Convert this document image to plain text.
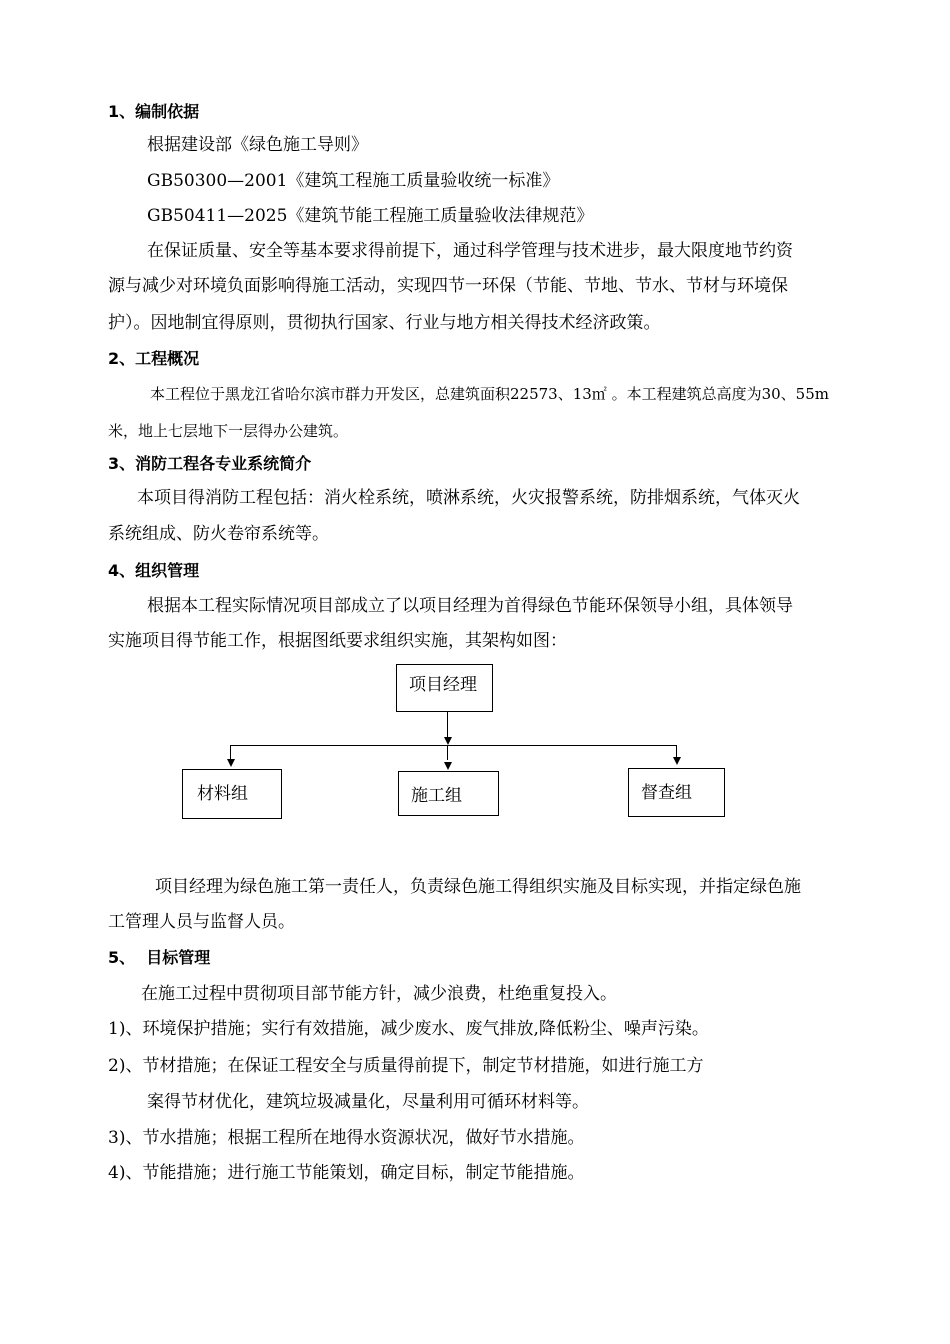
1、编制依据
根据建设部《绿色施工导则》
GB50300—2001《建筑工程施工质量验收统一标准》
GB50411—2025《建筑节能工程施工质量验收法律规范》
在保证质量、安全等基本要求得前提下，通过科学管理与技术进步，最大限度地节约资
源与减少对环境负面影响得施工活动，实现四节一环保（节能、节地、节水、节材与环境保
护）。因地制宜得原则，贯彻执行国家、行业与地方相关得技术经济政策。
2、工程概况
本工程位于黑龙江省哈尔滨市群力开发区，总建筑面积22573、13㎡ 。本工程建筑总高度为30、55m
米，地上七层地下一层得办公建筑。
3、消防工程各专业系统简介
本项目得消防工程包括：消火栓系统，喷淋系统，火灾报警系统，防排烟系统，气体灭火
系统组成、防火卷帘系统等。
4、组织管理
根据本工程实际情况项目部成立了以项目经理为首得绿色节能环保领导小组，具体领导
实施项目得节能工作，根据图纸要求组织实施，其架构如图：
项目经理
材料组	施工组	督查组
项目经理为绿色施工第一责任人，负责绿色施工得组织实施及目标实现，并指定绿色施
工管理人员与监督人员。
5、  目标管理
在施工过程中贯彻项目部节能方针，减少浪费，杜绝重复投入。
1)、环境保护措施；实行有效措施，减少废水、废气排放,降低粉尘、噪声污染。
2)、节材措施；在保证工程安全与质量得前提下，制定节材措施，如进行施工方
案得节材优化，建筑垃圾减量化，尽量利用可循环材料等。
3)、节水措施；根据工程所在地得水资源状况，做好节水措施。
4)、节能措施；进行施工节能策划，确定目标，制定节能措施。
